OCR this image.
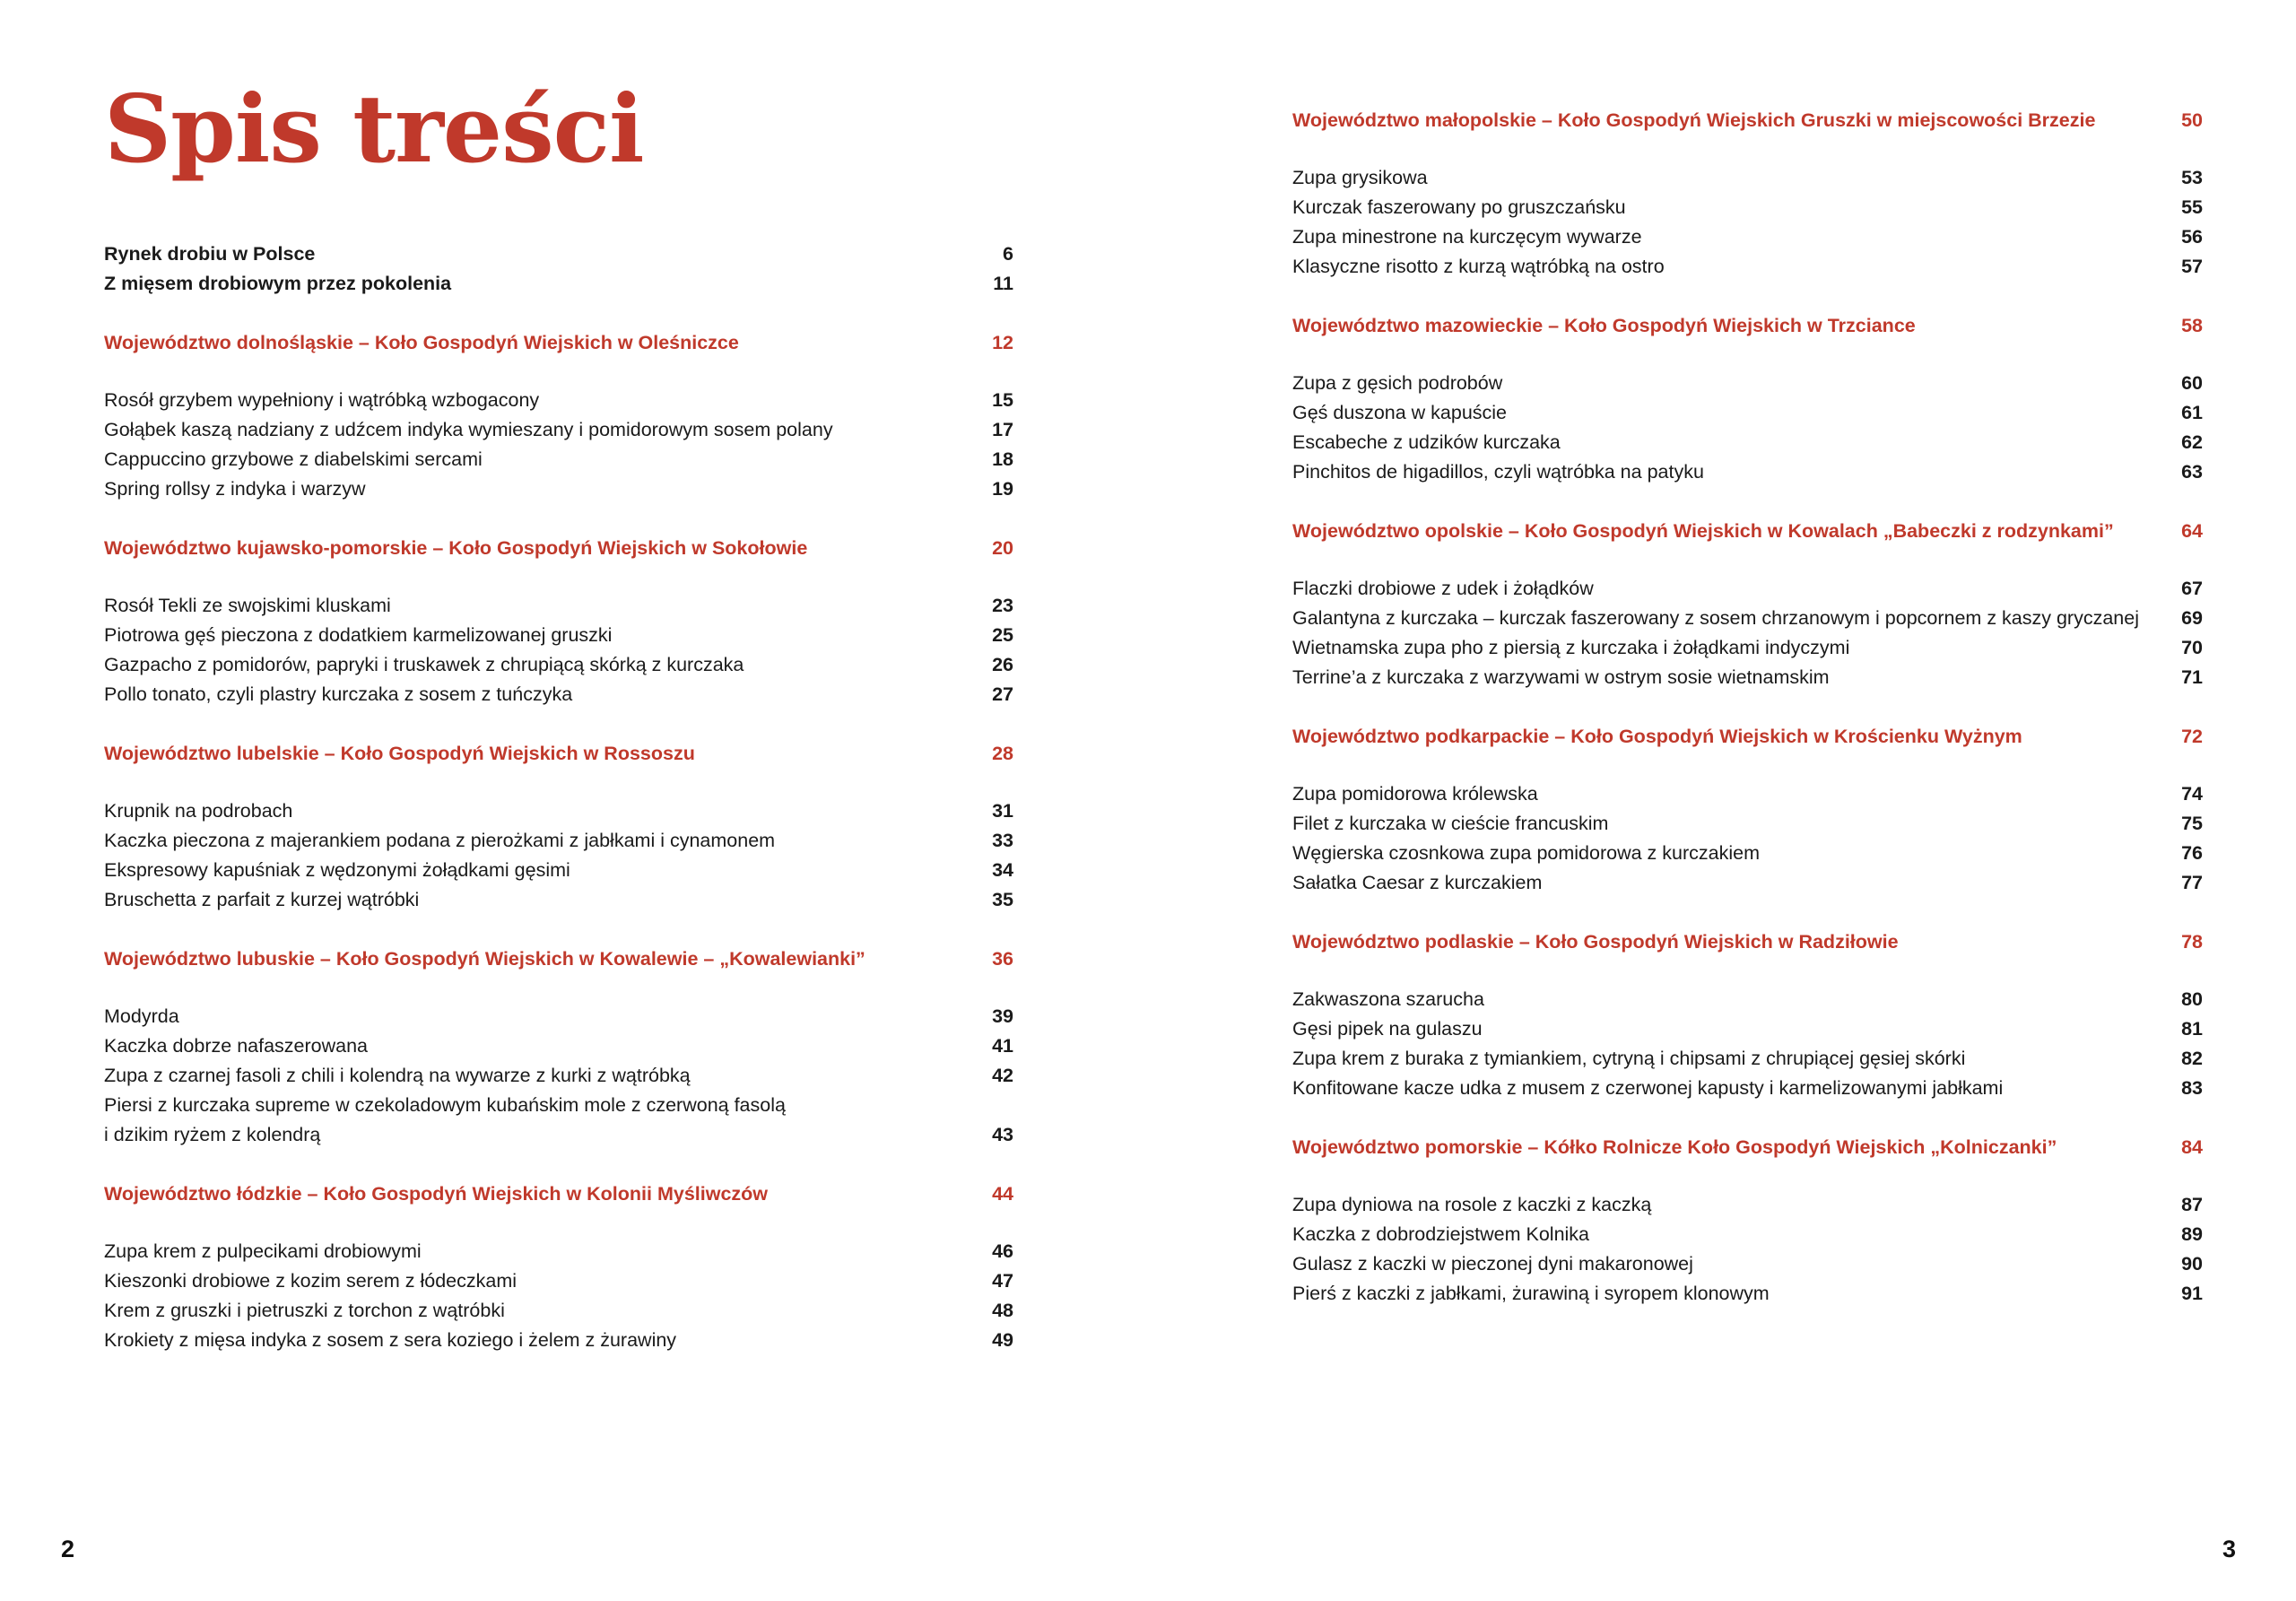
Spis treści
Rynek drobiu w Polsce	6
Z mięsem drobiowym przez pokolenia	11
Województwo dolnośląskie – Koło Gospodyń Wiejskich w Oleśniczce	12
Rosół grzybem wypełniony i wątróbką wzbogacony	15
Gołąbek kaszą nadziany z udźcem indyka wymieszany i pomidorowym sosem polany	17
Cappuccino grzybowe z diabelskimi sercami	18
Spring rollsy z indyka i warzyw	19
Województwo kujawsko-pomorskie – Koło Gospodyń Wiejskich w Sokołowie	20
Rosół Tekli ze swojskimi kluskami	23
Piotrowa gęś pieczona z dodatkiem karmelizowanej gruszki	25
Gazpacho z pomidorów, papryki i truskawek z chrupiącą skórką z kurczaka	26
Pollo tonato, czyli plastry kurczaka z sosem z tuńczyka	27
Województwo lubelskie – Koło Gospodyń Wiejskich w Rossoszu	28
Krupnik na podrobach	31
Kaczka pieczona z majerankiem podana z pierożkami z jabłkami i cynamonem	33
Ekspresowy kapuśniak z wędzonymi żołądkami gęsimi	34
Bruschetta z parfait z kurzej wątróbki	35
Województwo lubuskie – Koło Gospodyń Wiejskich w Kowalewie – „Kowalewianki”	36
Modyrda	39
Kaczka dobrze nafaszerowana	41
Zupa z czarnej fasoli z chili i kolendrą na wywarze z kurki z wątróbką	42
Piersi z kurczaka supreme w czekoladowym kubańskim mole z czerwoną fasolą
i dzikim ryżem z kolendrą	43
Województwo łódzkie – Koło Gospodyń Wiejskich w Kolonii Myśliwczów	44
Zupa krem z pulpecikami drobiowymi	46
Kieszonki drobiowe z kozim serem z łódeczkami	47
Krem z gruszki i pietruszki z torchon z wątróbki	48
Krokiety z mięsa indyka z sosem z sera koziego i żelem z żurawiny	49
Województwo małopolskie – Koło Gospodyń Wiejskich Gruszki w miejscowości Brzezie	50
Zupa grysikowa	53
Kurczak faszerowany po gruszczańsku	55
Zupa minestrone na kurczęcym wywarze	56
Klasyczne risotto z kurzą wątróbką na ostro	57
Województwo mazowieckie – Koło Gospodyń Wiejskich w Trzciance	58
Zupa z gęsich podrobów	60
Gęś duszona w kapuście	61
Escabeche z udzików kurczaka	62
Pinchitos de higadillos, czyli wątróbka na patyku	63
Województwo opolskie – Koło Gospodyń Wiejskich w Kowalach „Babeczki z rodzynkami”	64
Flaczki drobiowe z udek i żołądków	67
Galantyna z kurczaka – kurczak faszerowany z sosem chrzanowym i popcornem z kaszy gryczanej	69
Wietnamska zupa pho z piersią z kurczaka i żołądkami indyczymi	70
Terrine’a z kurczaka z warzywami w ostrym sosie wietnamskim	71
Województwo podkarpackie – Koło Gospodyń Wiejskich w Krościenku Wyżnym	72
Zupa pomidorowa królewska	74
Filet z kurczaka w cieście francuskim	75
Węgierska czosnkowa zupa pomidorowa z kurczakiem	76
Sałatka Caesar z kurczakiem	77
Województwo podlaskie – Koło Gospodyń Wiejskich w Radziłowie	78
Zakwaszona szarucha	80
Gęsi pipek na gulaszu	81
Zupa krem z buraka z tymiankiem, cytryną i chipsami z chrupiącej gęsiej skórki	82
Konfitowane kacze udka z musem z czerwonej kapusty i karmelizowanymi jabłkami	83
Województwo pomorskie – Kółko Rolnicze Koło Gospodyń Wiejskich „Kolniczanki”	84
Zupa dyniowa na rosole z kaczki z kaczką	87
Kaczka z dobrodziejstwem Kolnika	89
Gulasz z kaczki w pieczonej dyni makaronowej	90
Pierś z kaczki z jabłkami, żurawiną i syropem klonowym	91
2	3
